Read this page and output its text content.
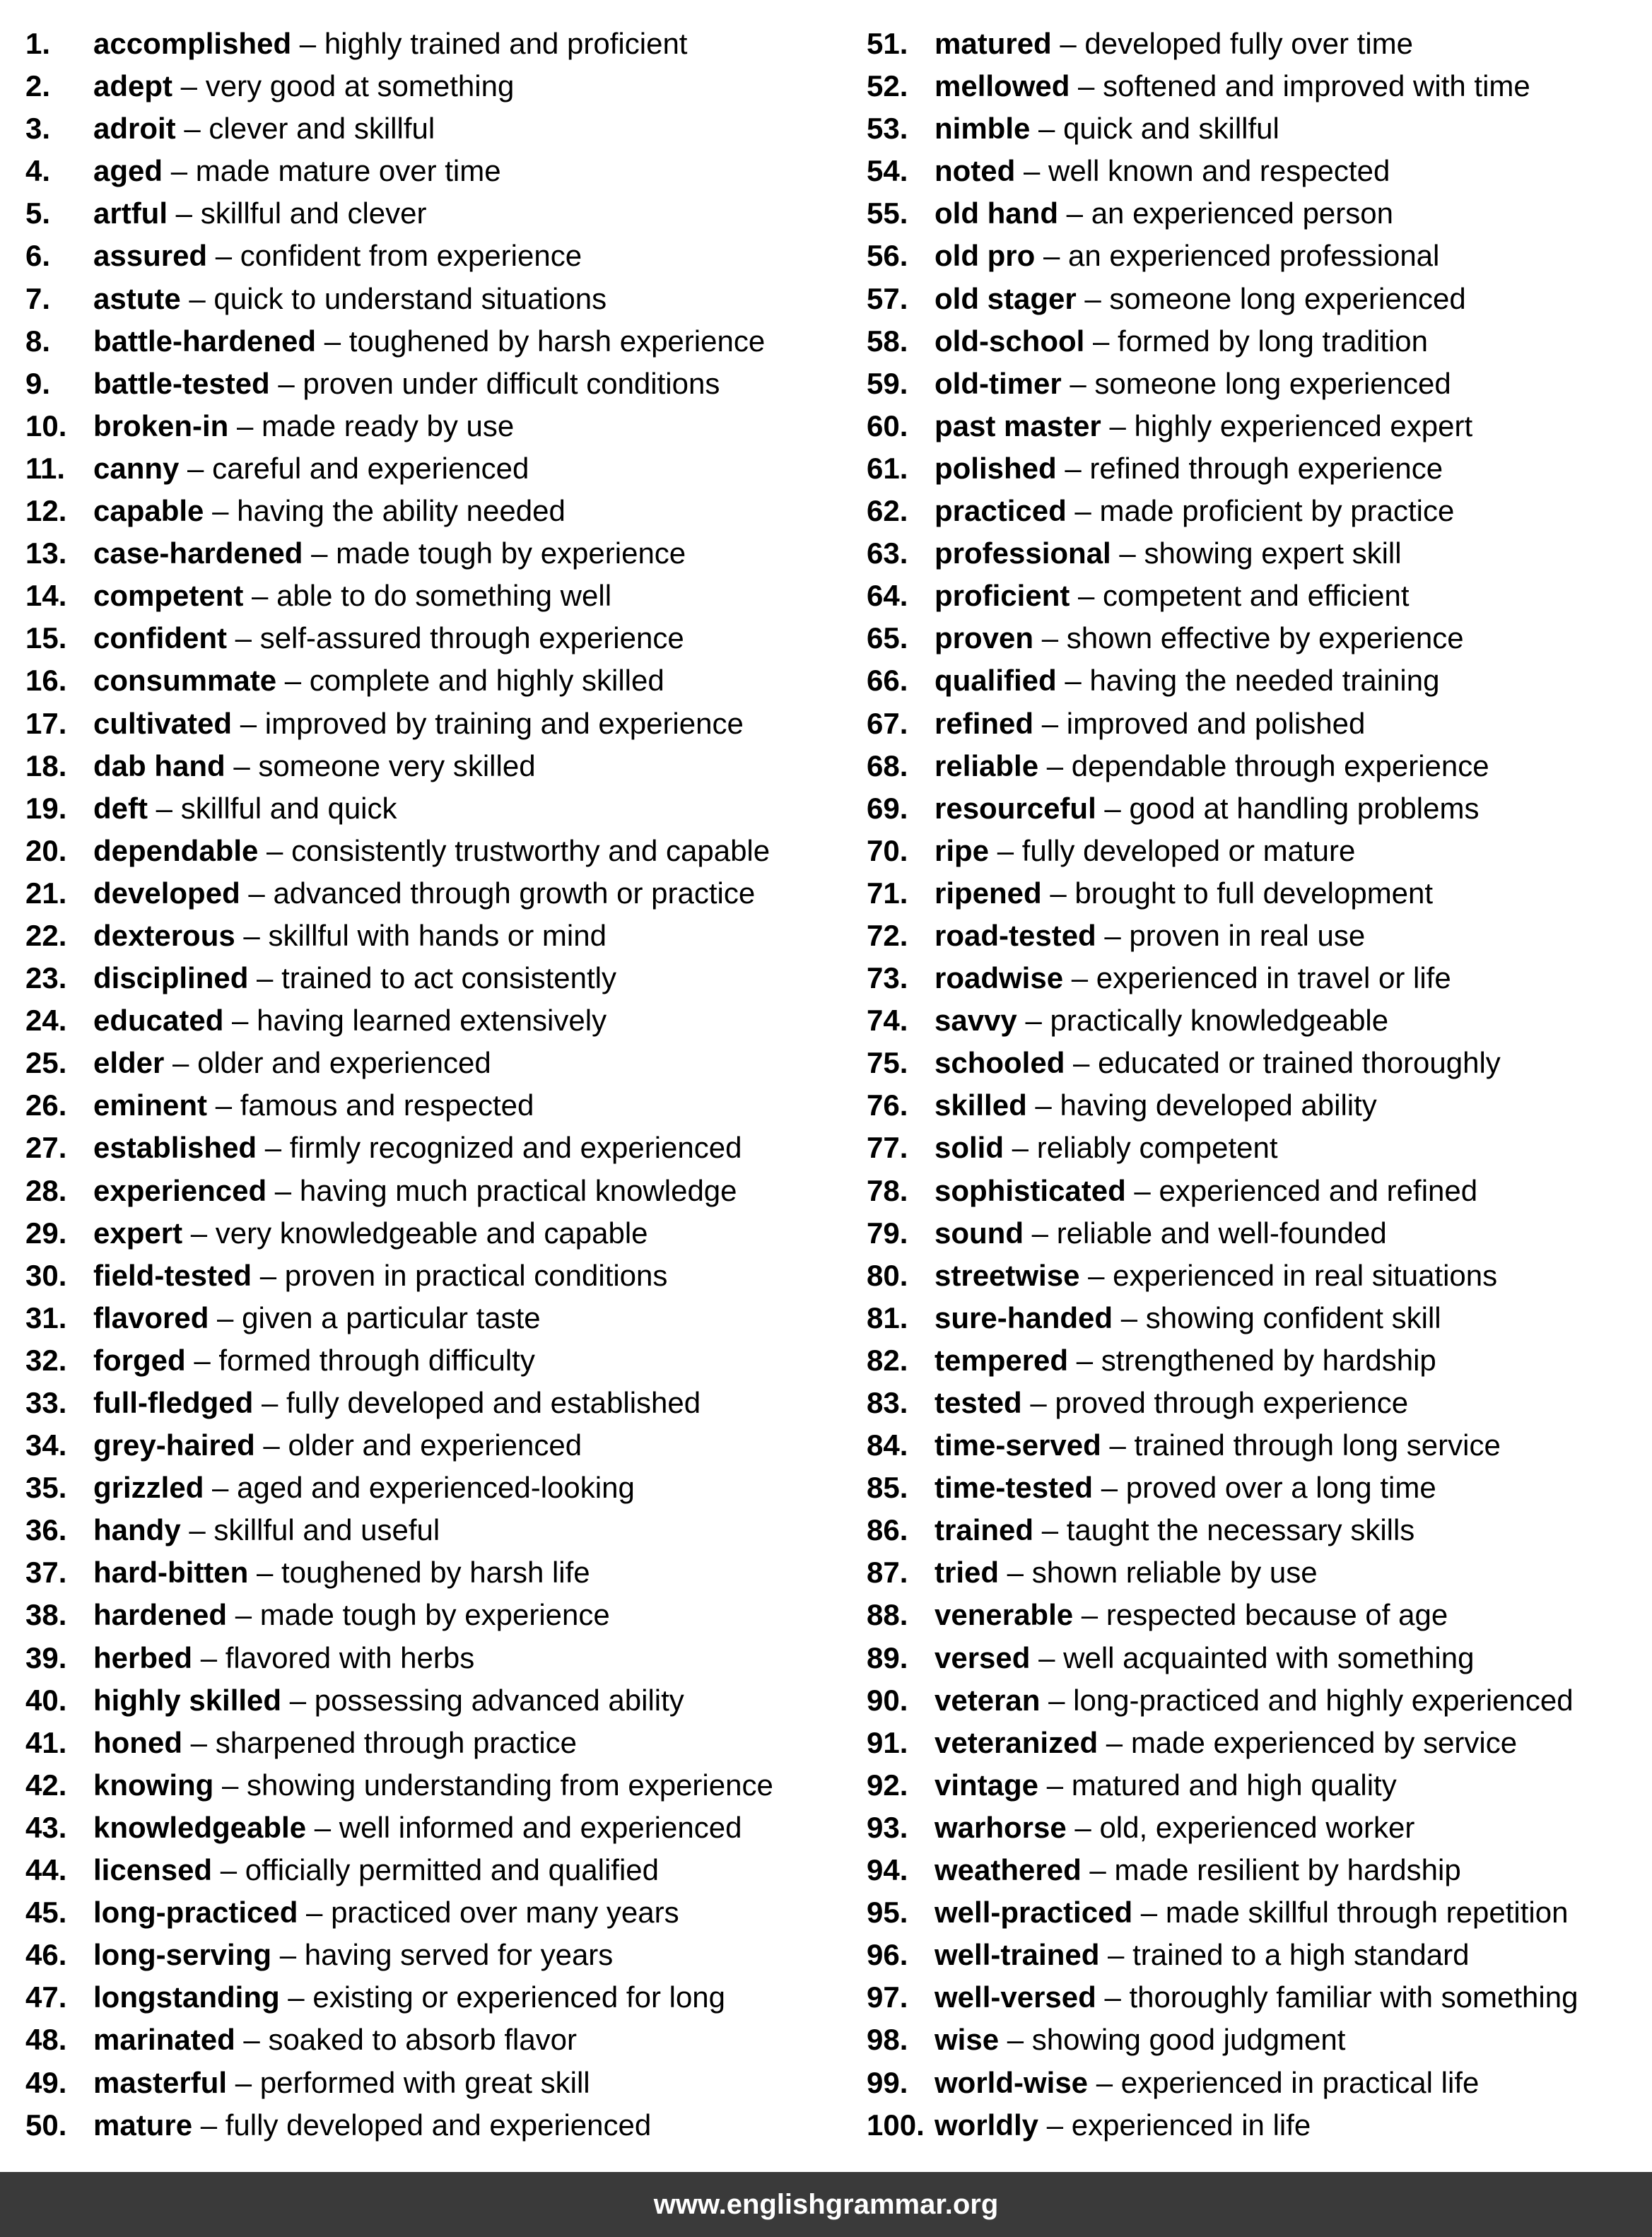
1. accomplished – highly trained and proficient
2. adept – very good at something
3. adroit – clever and skillful
4. aged – made mature over time
5. artful – skillful and clever
6. assured – confident from experience
7. astute – quick to understand situations
8. battle-hardened – toughened by harsh experience
9. battle-tested – proven under difficult conditions
10. broken-in – made ready by use
11. canny – careful and experienced
12. capable – having the ability needed
13. case-hardened – made tough by experience
14. competent – able to do something well
15. confident – self-assured through experience
16. consummate – complete and highly skilled
17. cultivated – improved by training and experience
18. dab hand – someone very skilled
19. deft – skillful and quick
20. dependable – consistently trustworthy and capable
21. developed – advanced through growth or practice
22. dexterous – skillful with hands or mind
23. disciplined – trained to act consistently
24. educated – having learned extensively
25. elder – older and experienced
26. eminent – famous and respected
27. established – firmly recognized and experienced
28. experienced – having much practical knowledge
29. expert – very knowledgeable and capable
30. field-tested – proven in practical conditions
31. flavored – given a particular taste
32. forged – formed through difficulty
33. full-fledged – fully developed and established
34. grey-haired – older and experienced
35. grizzled – aged and experienced-looking
36. handy – skillful and useful
37. hard-bitten – toughened by harsh life
38. hardened – made tough by experience
39. herbed – flavored with herbs
40. highly skilled – possessing advanced ability
41. honed – sharpened through practice
42. knowing – showing understanding from experience
43. knowledgeable – well informed and experienced
44. licensed – officially permitted and qualified
45. long-practiced – practiced over many years
46. long-serving – having served for years
47. longstanding – existing or experienced for long
48. marinated – soaked to absorb flavor
49. masterful – performed with great skill
50. mature – fully developed and experienced
51. matured – developed fully over time
52. mellowed – softened and improved with time
53. nimble – quick and skillful
54. noted – well known and respected
55. old hand – an experienced person
56. old pro – an experienced professional
57. old stager – someone long experienced
58. old-school – formed by long tradition
59. old-timer – someone long experienced
60. past master – highly experienced expert
61. polished – refined through experience
62. practiced – made proficient by practice
63. professional – showing expert skill
64. proficient – competent and efficient
65. proven – shown effective by experience
66. qualified – having the needed training
67. refined – improved and polished
68. reliable – dependable through experience
69. resourceful – good at handling problems
70. ripe – fully developed or mature
71. ripened – brought to full development
72. road-tested – proven in real use
73. roadwise – experienced in travel or life
74. savvy – practically knowledgeable
75. schooled – educated or trained thoroughly
76. skilled – having developed ability
77. solid – reliably competent
78. sophisticated – experienced and refined
79. sound – reliable and well-founded
80. streetwise – experienced in real situations
81. sure-handed – showing confident skill
82. tempered – strengthened by hardship
83. tested – proved through experience
84. time-served – trained through long service
85. time-tested – proved over a long time
86. trained – taught the necessary skills
87. tried – shown reliable by use
88. venerable – respected because of age
89. versed – well acquainted with something
90. veteran – long-practiced and highly experienced
91. veteranized – made experienced by service
92. vintage – matured and high quality
93. warhorse – old, experienced worker
94. weathered – made resilient by hardship
95. well-practiced – made skillful through repetition
96. well-trained – trained to a high standard
97. well-versed – thoroughly familiar with something
98. wise – showing good judgment
99. world-wise – experienced in practical life
100. worldly – experienced in life
www.englishgrammar.org
